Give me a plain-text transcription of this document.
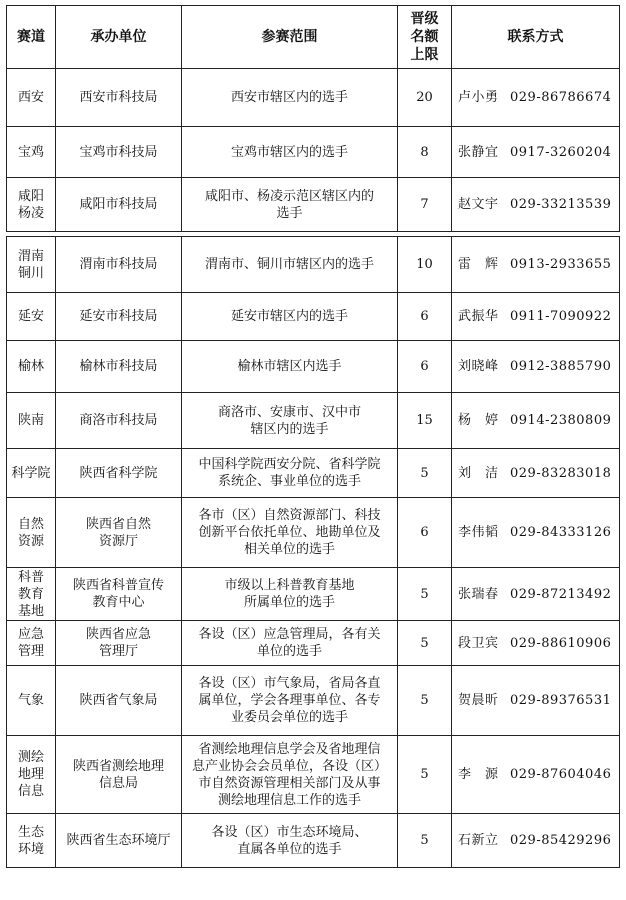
赛道	承办单位	参赛范围	晋级
名额
上限	联系方式
西安	西安市科技局	西安市辖区内的选手	20	卢小勇 029-86786674
宝鸡	宝鸡市科技局	宝鸡市辖区内的选手	8	张静宜 0917-3260204
咸阳
杨凌	咸阳市科技局	咸阳市、杨凌示范区辖区内的
选手	7	赵文宇 029-33213539
渭南
铜川	渭南市科技局	渭南市、铜川市辖区内的选手	10	雷　辉 0913-2933655
延安	延安市科技局	延安市辖区内的选手	6	武振华 0911-7090922
榆林	榆林市科技局	榆林市辖区内选手	6	刘晓峰 0912-3885790
陕南	商洛市科技局	商洛市、安康市、汉中市
辖区内的选手	15	杨　婷 0914-2380809
科学院	陕西省科学院	中国科学院西安分院、省科学院
系统企、事业单位的选手	5	刘　洁 029-83283018
自然
资源	陕西省自然
资源厅	各市（区）自然资源部门、科技
创新平台依托单位、地勘单位及
相关单位的选手	6	李伟韬 029-84333126
科普
教育
基地	陕西省科普宣传
教育中心	市级以上科普教育基地
所属单位的选手	5	张瑞春 029-87213492
应急
管理	陕西省应急
管理厅	各设（区）应急管理局，各有关
单位的选手	5	段卫宾 029-88610906
气象	陕西省气象局	各设（区）市气象局，省局各直
属单位，学会各理事单位、各专
业委员会单位的选手	5	贺晨昕 029-89376531
测绘
地理
信息	陕西省测绘地理
信息局	省测绘地理信息学会及省地理信
息产业协会会员单位，各设（区）
市自然资源管理相关部门及从事
测绘地理信息工作的选手	5	李　源 029-87604046
生态
环境	陕西省生态环境厅	各设（区）市生态环境局、
直属各单位的选手	5	石新立 029-85429296
